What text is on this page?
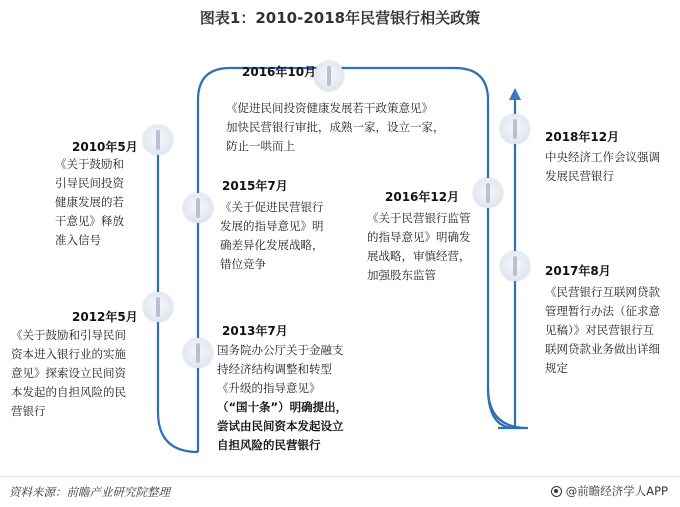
图表1：2010-2018年民营银行相关政策
2010年5月
《关于鼓励和
引导民间投资
健康发展的若
干意见》释放
准入信号
2012年5月
《关于鼓励和引导民间
资本进入银行业的实施
意见》探索设立民间资
本发起的自担风险的民
营银行
2013年7月
国务院办公厅关于金融支
持经济结构调整和转型
《升级的指导意见》
（“国十条”）明确提出，
尝试由民间资本发起设立
自担风险的民营银行
2015年7月
《关于促进民营银行
发展的指导意见》明
确差异化发展战略，
错位竞争
2016年10月
《促进民间投资健康发展若干政策意见》
加快民营银行审批，成熟一家，设立一家，
防止一哄而上
2016年12月
《关于民营银行监管
的指导意见》明确发
展战略，审慎经营，
加强股东监管
2018年12月
中央经济工作会议强调
发展民营银行
2017年8月
《民营银行互联网贷款
管理暂行办法（征求意
见稿）》对民营银行互
联网贷款业务做出详细
规定
资料来源：前瞻产业研究院整理	@前瞻经济学人APP
